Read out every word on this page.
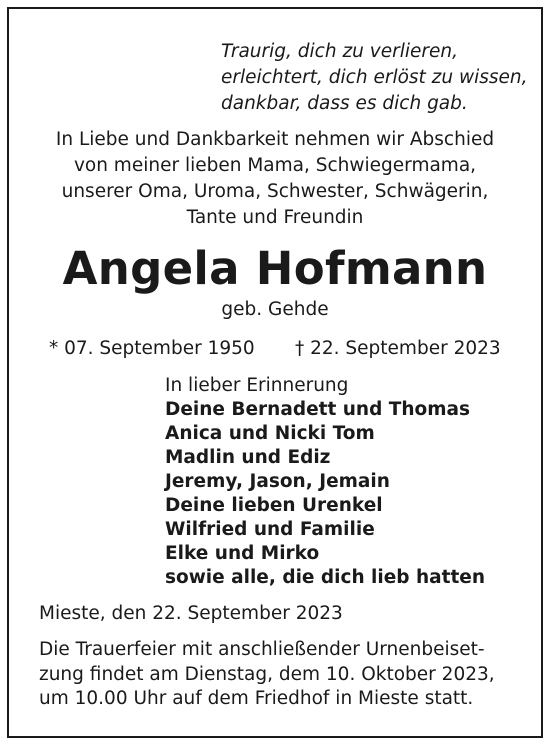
Traurig, dich zu verlieren,
erleichtert, dich erlöst zu wissen,
dankbar, dass es dich gab.
In Liebe und Dankbarkeit nehmen wir Abschied
von meiner lieben Mama, Schwiegermama,
unserer Oma, Uroma, Schwester, Schwägerin,
Tante und Freundin
Angela Hofmann
geb. Gehde
* 07. September 1950 † 22. September 2023
In lieber Erinnerung
Deine Bernadett und Thomas
Anica und Nicki Tom
Madlin und Ediz
Jeremy, Jason, Jemain
Deine lieben Urenkel
Wilfried und Familie
Elke und Mirko
sowie alle, die dich lieb hatten
Mieste, den 22. September 2023
Die Trauerfeier mit anschließender Urnenbeiset-
zung findet am Dienstag, dem 10. Oktober 2023,
um 10.00 Uhr auf dem Friedhof in Mieste statt.
